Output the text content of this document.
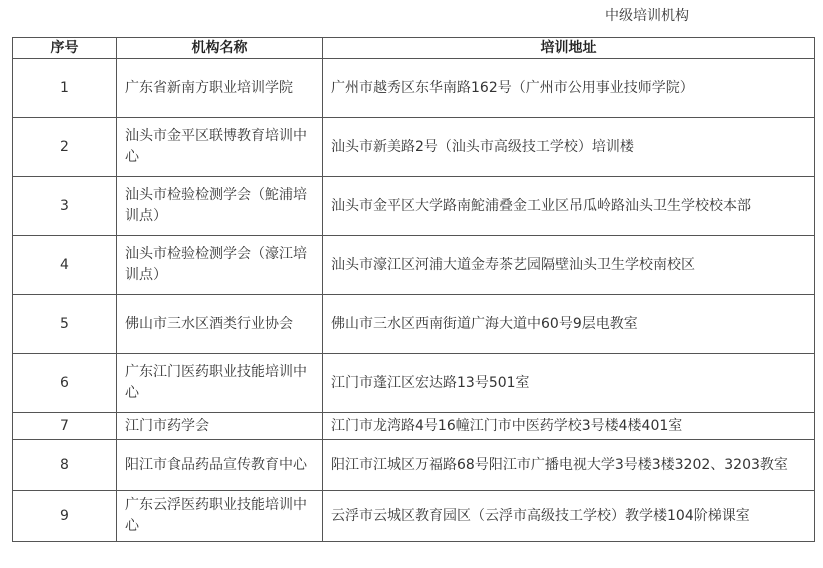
中级培训机构
序号	机构名称	培训地址
1	广东省新南方职业培训学院	广州市越秀区东华南路162号（广州市公用事业技师学院）
2	汕头市金平区联博教育培训中心	汕头市新美路2号（汕头市高级技工学校）培训楼
3	汕头市检验检测学会（鮀浦培训点）	汕头市金平区大学路南鮀浦叠金工业区吊瓜岭路汕头卫生学校校本部
4	汕头市检验检测学会（濠江培训点）	汕头市濠江区河浦大道金寿茶艺园隔壁汕头卫生学校南校区
5	佛山市三水区酒类行业协会	佛山市三水区西南街道广海大道中60号9层电教室
6	广东江门医药职业技能培训中心	江门市蓬江区宏达路13号501室
7	江门市药学会	江门市龙湾路4号16幢江门市中医药学校3号楼4楼401室
8	阳江市食品药品宣传教育中心	阳江市江城区万福路68号阳江市广播电视大学3号楼3楼3202、3203教室
9	广东云浮医药职业技能培训中心	云浮市云城区教育园区（云浮市高级技工学校）教学楼104阶梯课室
